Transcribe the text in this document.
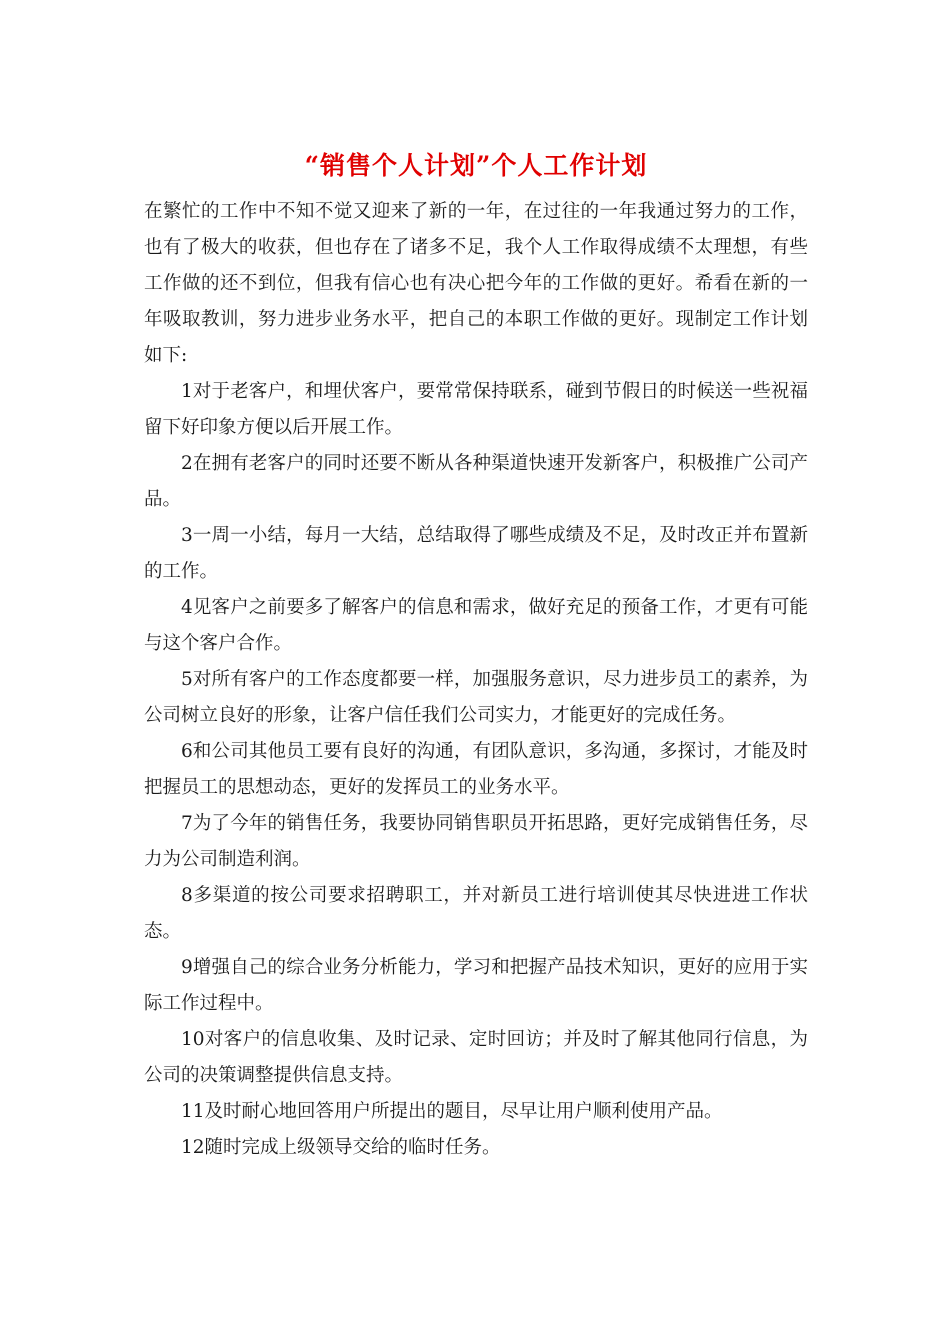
“销售个人计划”个人工作计划

在繁忙的工作中不知不觉又迎来了新的一年，在过往的一年我通过努力的工作，也有了极大的收获，但也存在了诸多不足，我个人工作取得成绩不太理想，有些工作做的还不到位，但我有信心也有决心把今年的工作做的更好。希看在新的一年吸取教训，努力进步业务水平，把自己的本职工作做的更好。现制定工作计划如下:

1对于老客户，和埋伏客户，要常常保持联系，碰到节假日的时候送一些祝福留下好印象方便以后开展工作。

2在拥有老客户的同时还要不断从各种渠道快速开发新客户，积极推广公司产品。

3一周一小结，每月一大结，总结取得了哪些成绩及不足，及时改正并布置新的工作。

4见客户之前要多了解客户的信息和需求，做好充足的预备工作，才更有可能与这个客户合作。

5对所有客户的工作态度都要一样，加强服务意识，尽力进步员工的素养，为公司树立良好的形象，让客户信任我们公司实力，才能更好的完成任务。

6和公司其他员工要有良好的沟通，有团队意识，多沟通，多探讨，才能及时把握员工的思想动态，更好的发挥员工的业务水平。

7为了今年的销售任务，我要协同销售职员开拓思路，更好完成销售任务，尽力为公司制造利润。

8多渠道的按公司要求招聘职工，并对新员工进行培训使其尽快进进工作状态。

9增强自己的综合业务分析能力，学习和把握产品技术知识，更好的应用于实际工作过程中。

10对客户的信息收集、及时记录、定时回访；并及时了解其他同行信息，为公司的决策调整提供信息支持。

11及时耐心地回答用户所提出的题目，尽早让用户顺利使用产品。

12随时完成上级领导交给的临时任务。
